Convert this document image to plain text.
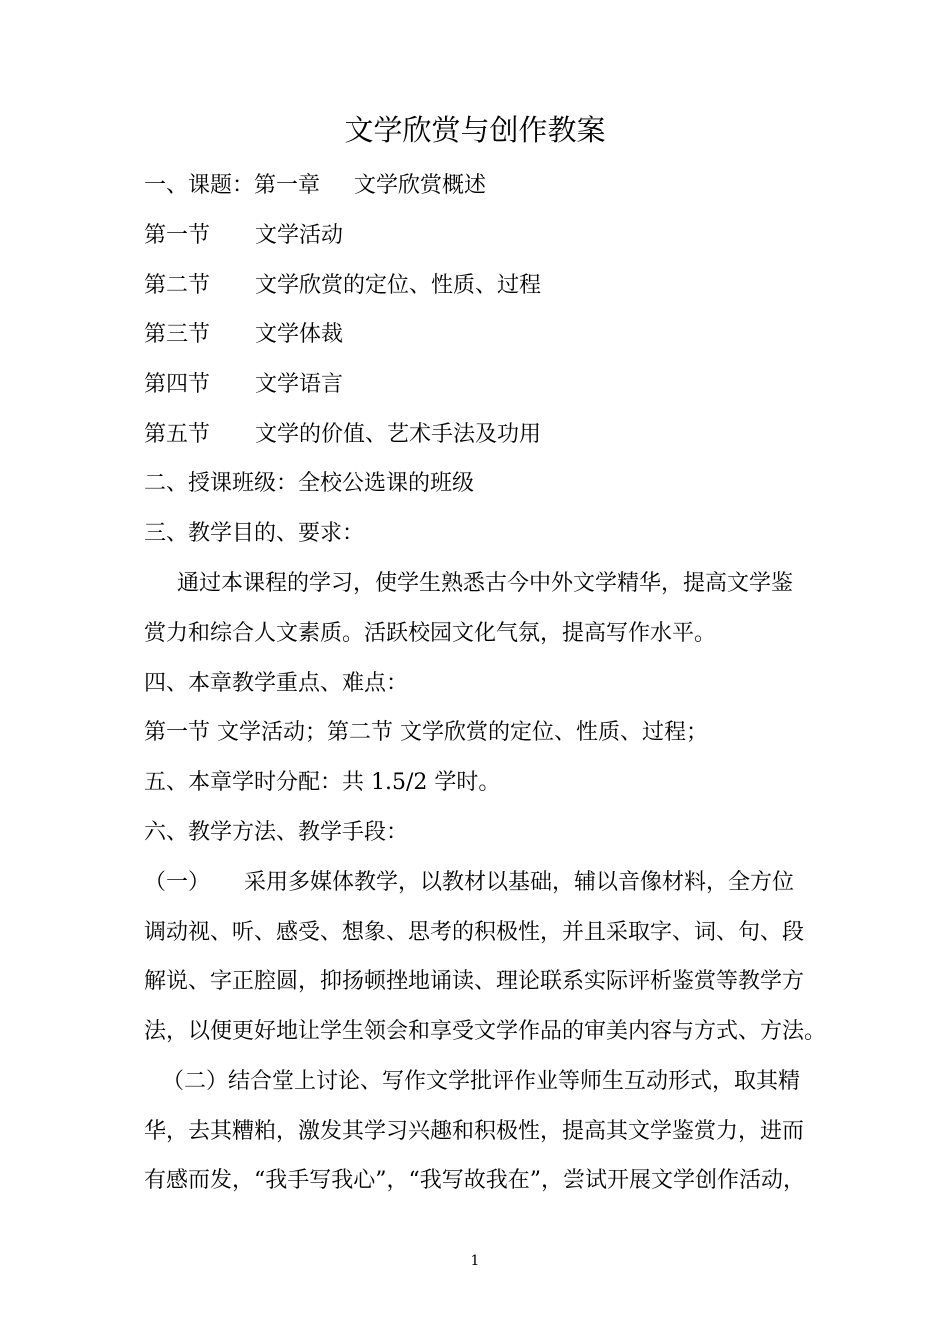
文学欣赏与创作教案
一、课题：第一章 文学欣赏概述
第一节 文学活动
第二节 文学欣赏的定位、性质、过程
第三节 文学体裁
第四节 文学语言
第五节 文学的价值、艺术手法及功用
二、授课班级：全校公选课的班级
三、教学目的、要求：
通过本课程的学习，使学生熟悉古今中外文学精华，提高文学鉴
赏力和综合人文素质。活跃校园文化气氛，提高写作水平。
四、本章教学重点、难点：
第一节 文学活动；第二节 文学欣赏的定位、性质、过程；
五、本章学时分配：共 1.5/2 学时。
六、教学方法、教学手段：
（一） 采用多媒体教学，以教材以基础，辅以音像材料，全方位
调动视、听、感受、想象、思考的积极性，并且采取字、词、句、段
解说、字正腔圆，抑扬顿挫地诵读、理论联系实际评析鉴赏等教学方
法，以便更好地让学生领会和享受文学作品的审美内容与方式、方法。
（二）结合堂上讨论、写作文学批评作业等师生互动形式，取其精
华，去其糟粕，激发其学习兴趣和积极性，提高其文学鉴赏力，进而
有感而发，“我手写我心”，“我写故我在”，尝试开展文学创作活动，
1
